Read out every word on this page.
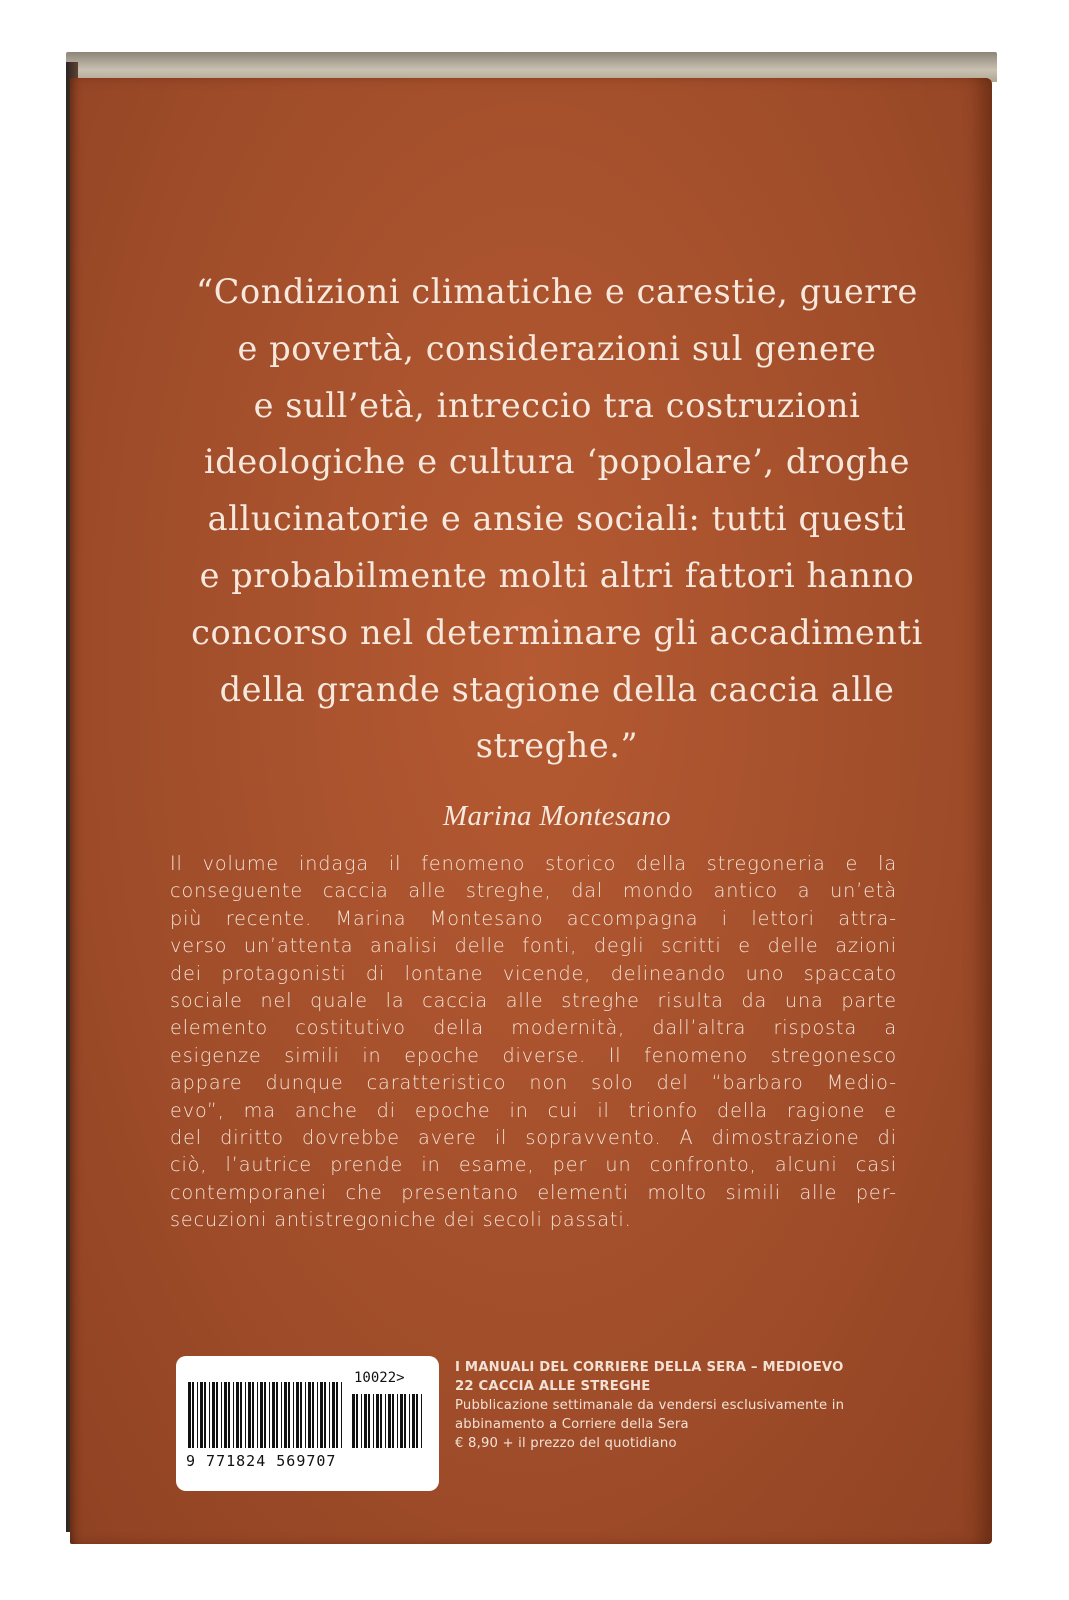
“Condizioni climatiche e carestie, guerre
e povertà, considerazioni sul genere
e sull’età, intreccio tra costruzioni
ideologiche e cultura ‘popolare’, droghe
allucinatorie e ansie sociali: tutti questi
e probabilmente molti altri fattori hanno
concorso nel determinare gli accadimenti
della grande stagione della caccia alle
streghe.”
Marina Montesano
Il volume indaga il fenomeno storico della stregoneria e la
conseguente caccia alle streghe, dal mondo antico a un’età
più recente. Marina Montesano accompagna i lettori attra-
verso un’attenta analisi delle fonti, degli scritti e delle azioni
dei protagonisti di lontane vicende, delineando uno spaccato
sociale nel quale la caccia alle streghe risulta da una parte
elemento costitutivo della modernità, dall’altra risposta a
esigenze simili in epoche diverse. Il fenomeno stregonesco
appare dunque caratteristico non solo del “barbaro Medio-
evo”, ma anche di epoche in cui il trionfo della ragione e
del diritto dovrebbe avere il sopravvento. A dimostrazione di
ciò, l’autrice prende in esame, per un confronto, alcuni casi
contemporanei che presentano elementi molto simili alle per-
secuzioni antistregoniche dei secoli passati.
10022>
9 771824 569707
I MANUALI DEL CORRIERE DELLA SERA – MEDIOEVO
22 CACCIA ALLE STREGHE
Pubblicazione settimanale da vendersi esclusivamente in
abbinamento a Corriere della Sera
€ 8,90 + il prezzo del quotidiano
